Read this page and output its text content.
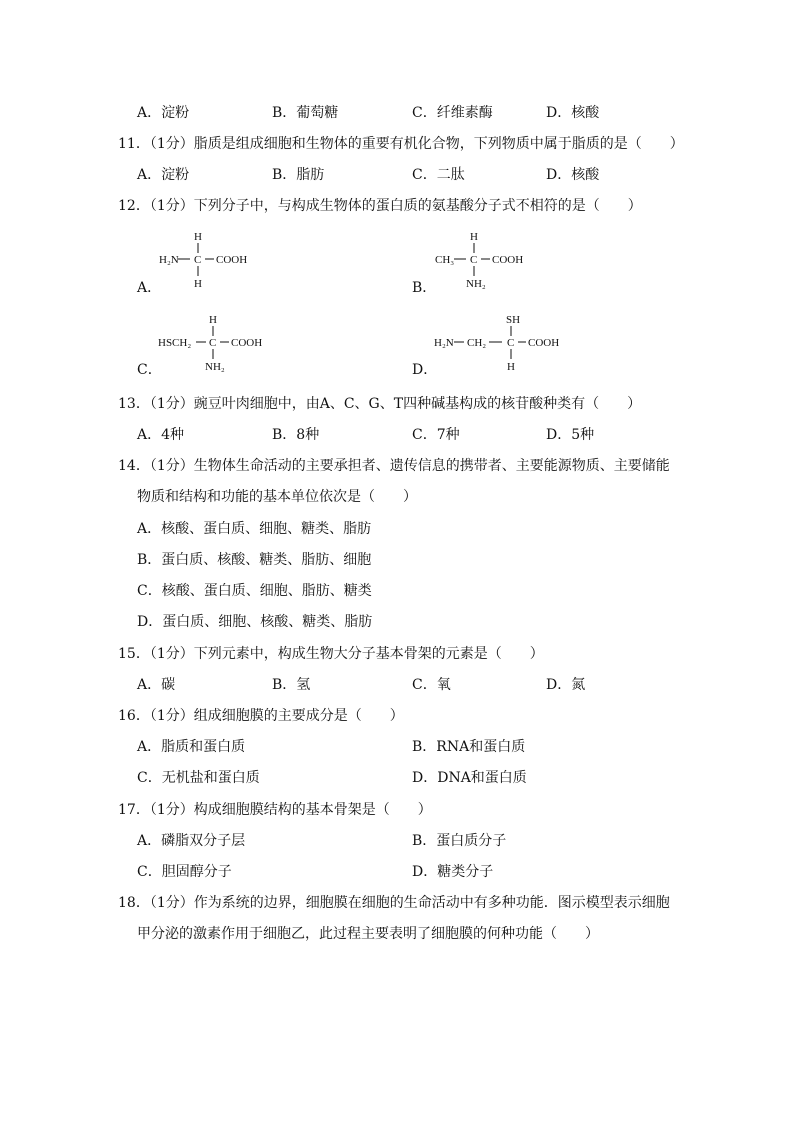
A．淀粉	B．葡萄糖	C．纤维素酶	D．核酸
11．（1分）脂质是组成细胞和生物体的重要有机化合物，下列物质中属于脂质的是（　　）
A．淀粉	B．脂肪	C．二肽	D．核酸
12．（1分）下列分子中，与构成生物体的蛋白质的氨基酸分子式不相符的是（　　）
A．
H
H₂N C COOH
H	B．
H
CH₃ C COOH
NH₂
C．
H
HSCH₂ C COOH
NH₂	D．
SH
H₂N CH₂ C COOH
H
13．（1分）豌豆叶肉细胞中，由A、C、G、T四种碱基构成的核苷酸种类有（　　）
A．4种	B．8种	C．7种	D．5种
14．（1分）生物体生命活动的主要承担者、遗传信息的携带者、主要能源物质、主要储能
物质和结构和功能的基本单位依次是（　　）
A．核酸、蛋白质、细胞、糖类、脂肪
B．蛋白质、核酸、糖类、脂肪、细胞
C．核酸、蛋白质、细胞、脂肪、糖类
D．蛋白质、细胞、核酸、糖类、脂肪
15．（1分）下列元素中，构成生物大分子基本骨架的元素是（　　）
A．碳	B．氢	C．氧	D．氮
16．（1分）组成细胞膜的主要成分是（　　）
A．脂质和蛋白质	B．RNA和蛋白质
C．无机盐和蛋白质	D．DNA和蛋白质
17．（1分）构成细胞膜结构的基本骨架是（　　）
A．磷脂双分子层	B．蛋白质分子
C．胆固醇分子	D．糖类分子
18．（1分）作为系统的边界，细胞膜在细胞的生命活动中有多种功能．图示模型表示细胞
甲分泌的激素作用于细胞乙，此过程主要表明了细胞膜的何种功能（　　）
